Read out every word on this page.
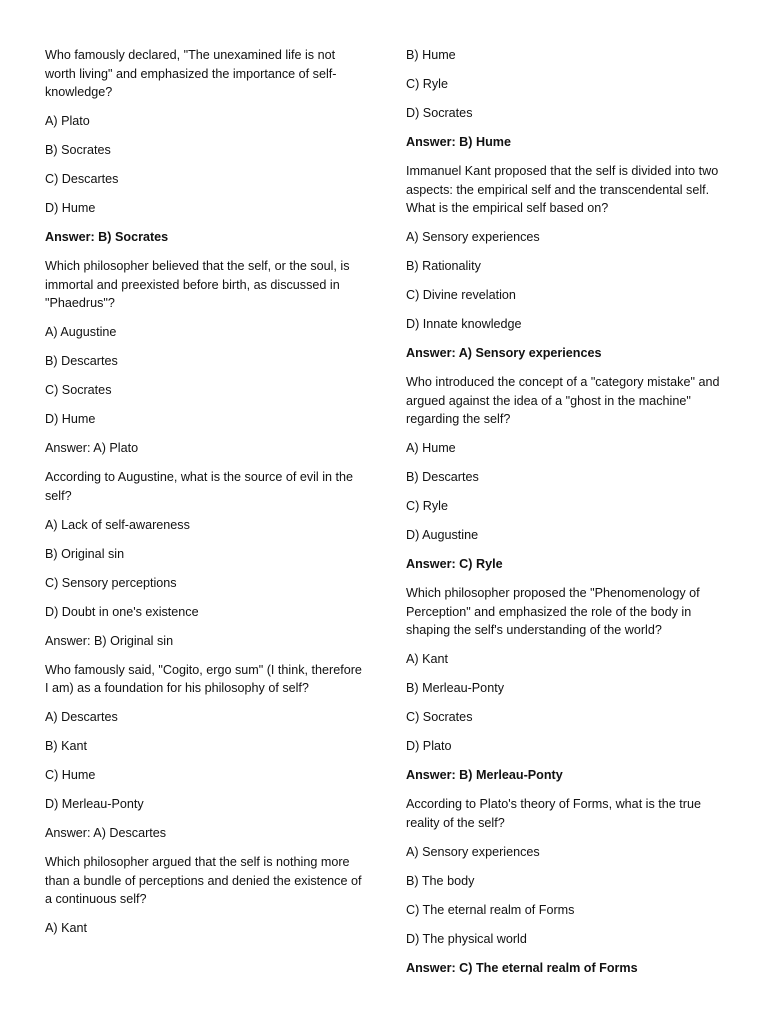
Who famously declared, "The unexamined life is not worth living" and emphasized the importance of self-knowledge?
A) Plato
B) Socrates
C) Descartes
D) Hume
Answer: B) Socrates
Which philosopher believed that the self, or the soul, is immortal and preexisted before birth, as discussed in "Phaedrus"?
A) Augustine
B) Descartes
C) Socrates
D) Hume
Answer: A) Plato
According to Augustine, what is the source of evil in the self?
A) Lack of self-awareness
B) Original sin
C) Sensory perceptions
D) Doubt in one's existence
Answer: B) Original sin
Who famously said, "Cogito, ergo sum" (I think, therefore I am) as a foundation for his philosophy of self?
A) Descartes
B) Kant
C) Hume
D) Merleau-Ponty
Answer: A) Descartes
Which philosopher argued that the self is nothing more than a bundle of perceptions and denied the existence of a continuous self?
A) Kant
B) Hume
C) Ryle
D) Socrates
Answer: B) Hume
Immanuel Kant proposed that the self is divided into two aspects: the empirical self and the transcendental self. What is the empirical self based on?
A) Sensory experiences
B) Rationality
C) Divine revelation
D) Innate knowledge
Answer: A) Sensory experiences
Who introduced the concept of a "category mistake" and argued against the idea of a "ghost in the machine" regarding the self?
A) Hume
B) Descartes
C) Ryle
D) Augustine
Answer: C) Ryle
Which philosopher proposed the "Phenomenology of Perception" and emphasized the role of the body in shaping the self's understanding of the world?
A) Kant
B) Merleau-Ponty
C) Socrates
D) Plato
Answer: B) Merleau-Ponty
According to Plato's theory of Forms, what is the true reality of the self?
A) Sensory experiences
B) The body
C) The eternal realm of Forms
D) The physical world
Answer: C) The eternal realm of Forms
